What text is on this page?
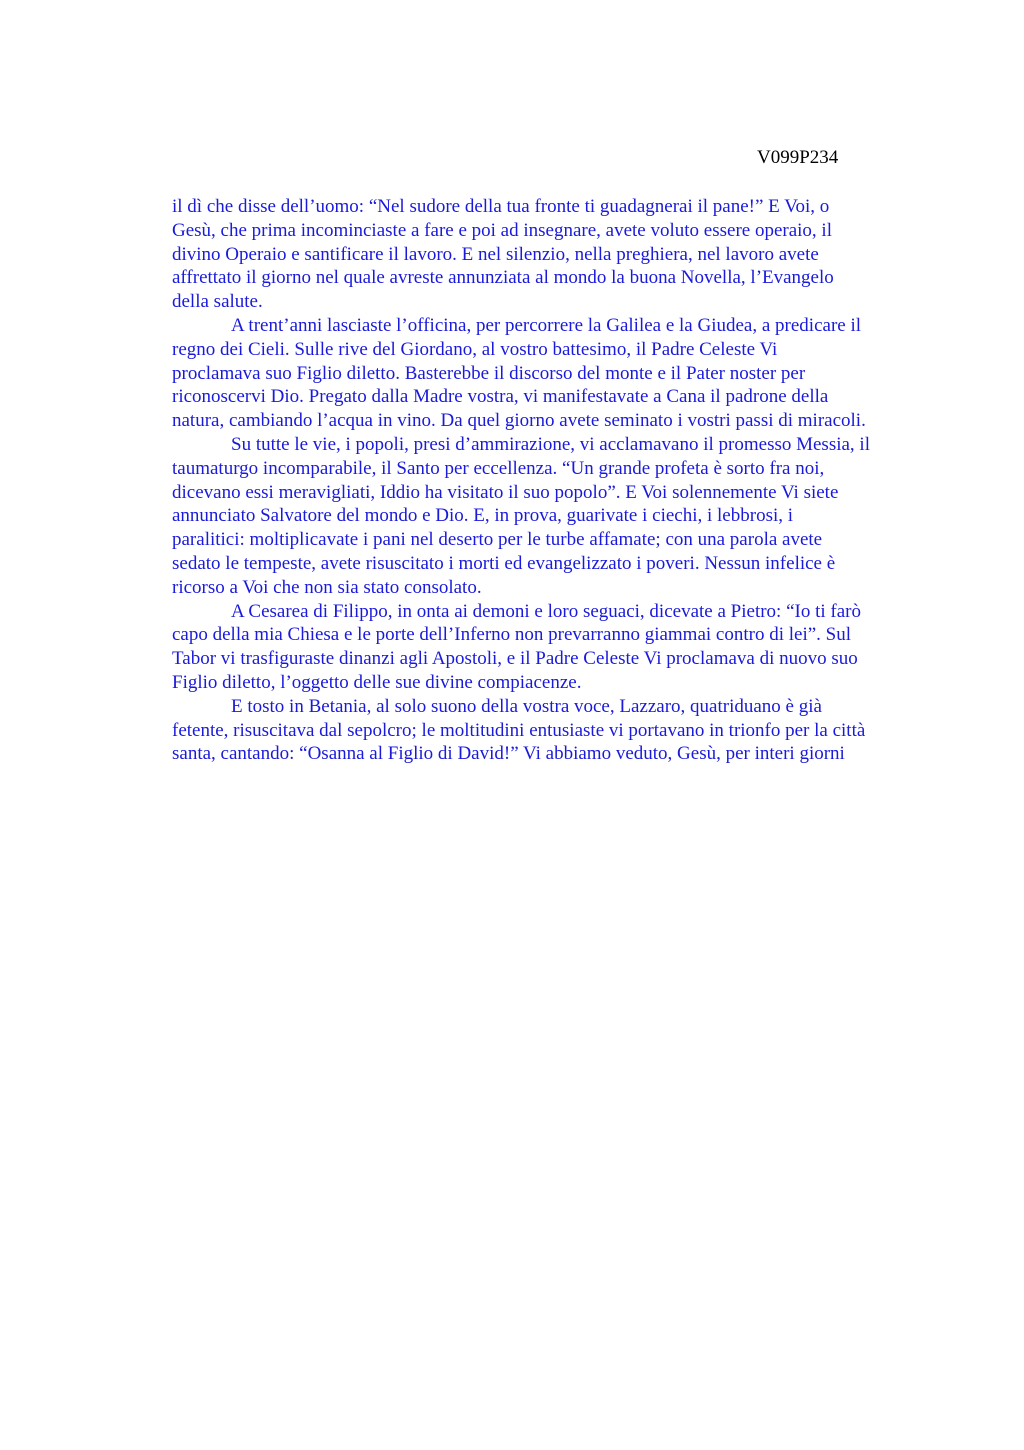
V099P234

il dì che disse dell’uomo: “Nel sudore della tua fronte ti guadagnerai il pane!” E Voi, o
Gesù, che prima incominciaste a fare e poi ad insegnare, avete voluto essere operaio, il
divino Operaio e santificare il lavoro. E nel silenzio, nella preghiera, nel lavoro avete
affrettato il giorno nel quale avreste annunziata al mondo la buona Novella, l’Evangelo
della salute.

A trent’anni lasciaste l’officina, per percorrere la Galilea e la Giudea, a predicare il
regno dei Cieli. Sulle rive del Giordano, al vostro battesimo, il Padre Celeste Vi
proclamava suo Figlio diletto. Basterebbe il discorso del monte e il Pater noster per
riconoscervi Dio. Pregato dalla Madre vostra, vi manifestavate a Cana il padrone della
natura, cambiando l’acqua in vino. Da quel giorno avete seminato i vostri passi di miracoli.

Su tutte le vie, i popoli, presi d’ammirazione, vi acclamavano il promesso Messia, il
taumaturgo incomparabile, il Santo per eccellenza. “Un grande profeta è sorto fra noi,
dicevano essi meravigliati, Iddio ha visitato il suo popolo”. E Voi solennemente Vi siete
annunciato Salvatore del mondo e Dio. E, in prova, guarivate i ciechi, i lebbrosi, i
paralitici: moltiplicavate i pani nel deserto per le turbe affamate; con una parola avete
sedato le tempeste, avete risuscitato i morti ed evangelizzato i poveri. Nessun infelice è
ricorso a Voi che non sia stato consolato.

A Cesarea di Filippo, in onta ai demoni e loro seguaci, dicevate a Pietro: “Io ti farò
capo della mia Chiesa e le porte dell’Inferno non prevarranno giammai contro di lei”. Sul
Tabor vi trasfiguraste dinanzi agli Apostoli, e il Padre Celeste Vi proclamava di nuovo suo
Figlio diletto, l’oggetto delle sue divine compiacenze.

E tosto in Betania, al solo suono della vostra voce, Lazzaro, quatriduano è già
fetente, risuscitava dal sepolcro; le moltitudini entusiaste vi portavano in trionfo per la città
santa, cantando: “Osanna al Figlio di David!” Vi abbiamo veduto, Gesù, per interi giorni
